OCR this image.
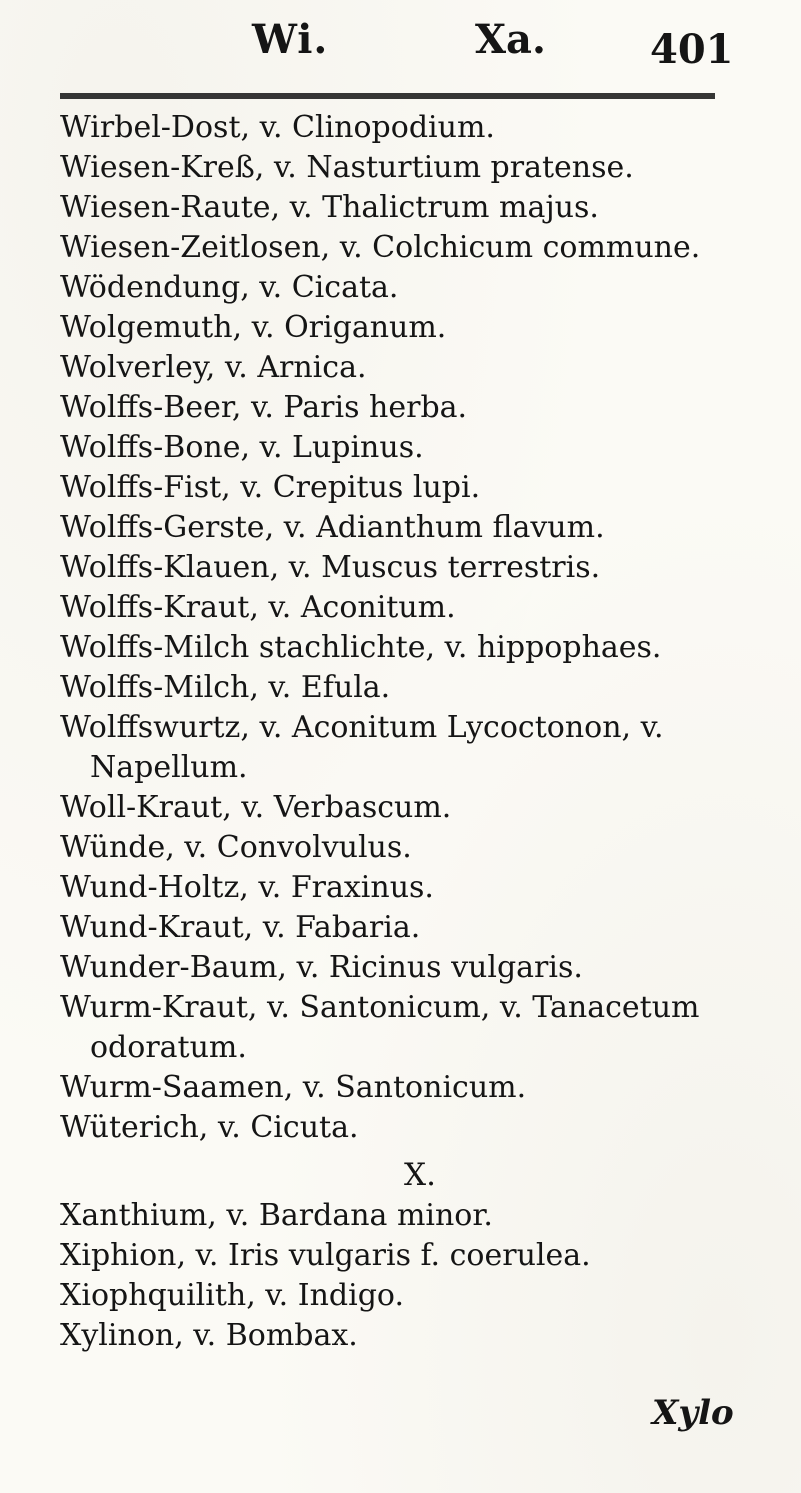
Wi.	Xa.	401
Wirbel-Dost, v. Clinopodium.
Wiesen-Kreß, v. Nasturtium pratense.
Wiesen-Raute, v. Thalictrum majus.
Wiesen-Zeitlosen, v. Colchicum commune.
Wödendung, v. Cicata.
Wolgemuth, v. Origanum.
Wolverley, v. Arnica.
Wolffs-Beer, v. Paris herba.
Wolffs-Bone, v. Lupinus.
Wolffs-Fist, v. Crepitus lupi.
Wolffs-Gerste, v. Adianthum flavum.
Wolffs-Klauen, v. Muscus terrestris.
Wolffs-Kraut, v. Aconitum.
Wolffs-Milch stachlichte, v. hippophaes.
Wolffs-Milch, v. Efula.
Wolffswurtz, v. Aconitum Lycoctonon, v. Napellum.
Woll-Kraut, v. Verbascum.
Wünde, v. Convolvulus.
Wund-Holtz, v. Fraxinus.
Wund-Kraut, v. Fabaria.
Wunder-Baum, v. Ricinus vulgaris.
Wurm-Kraut, v. Santonicum, v. Tanacetum odoratum.
Wurm-Saamen, v. Santonicum.
Wüterich, v. Cicuta.
X.
Xanthium, v. Bardana minor.
Xiphion, v. Iris vulgaris f. coerulea.
Xiophquilith, v. Indigo.
Xylinon, v. Bombax.
Xylo
